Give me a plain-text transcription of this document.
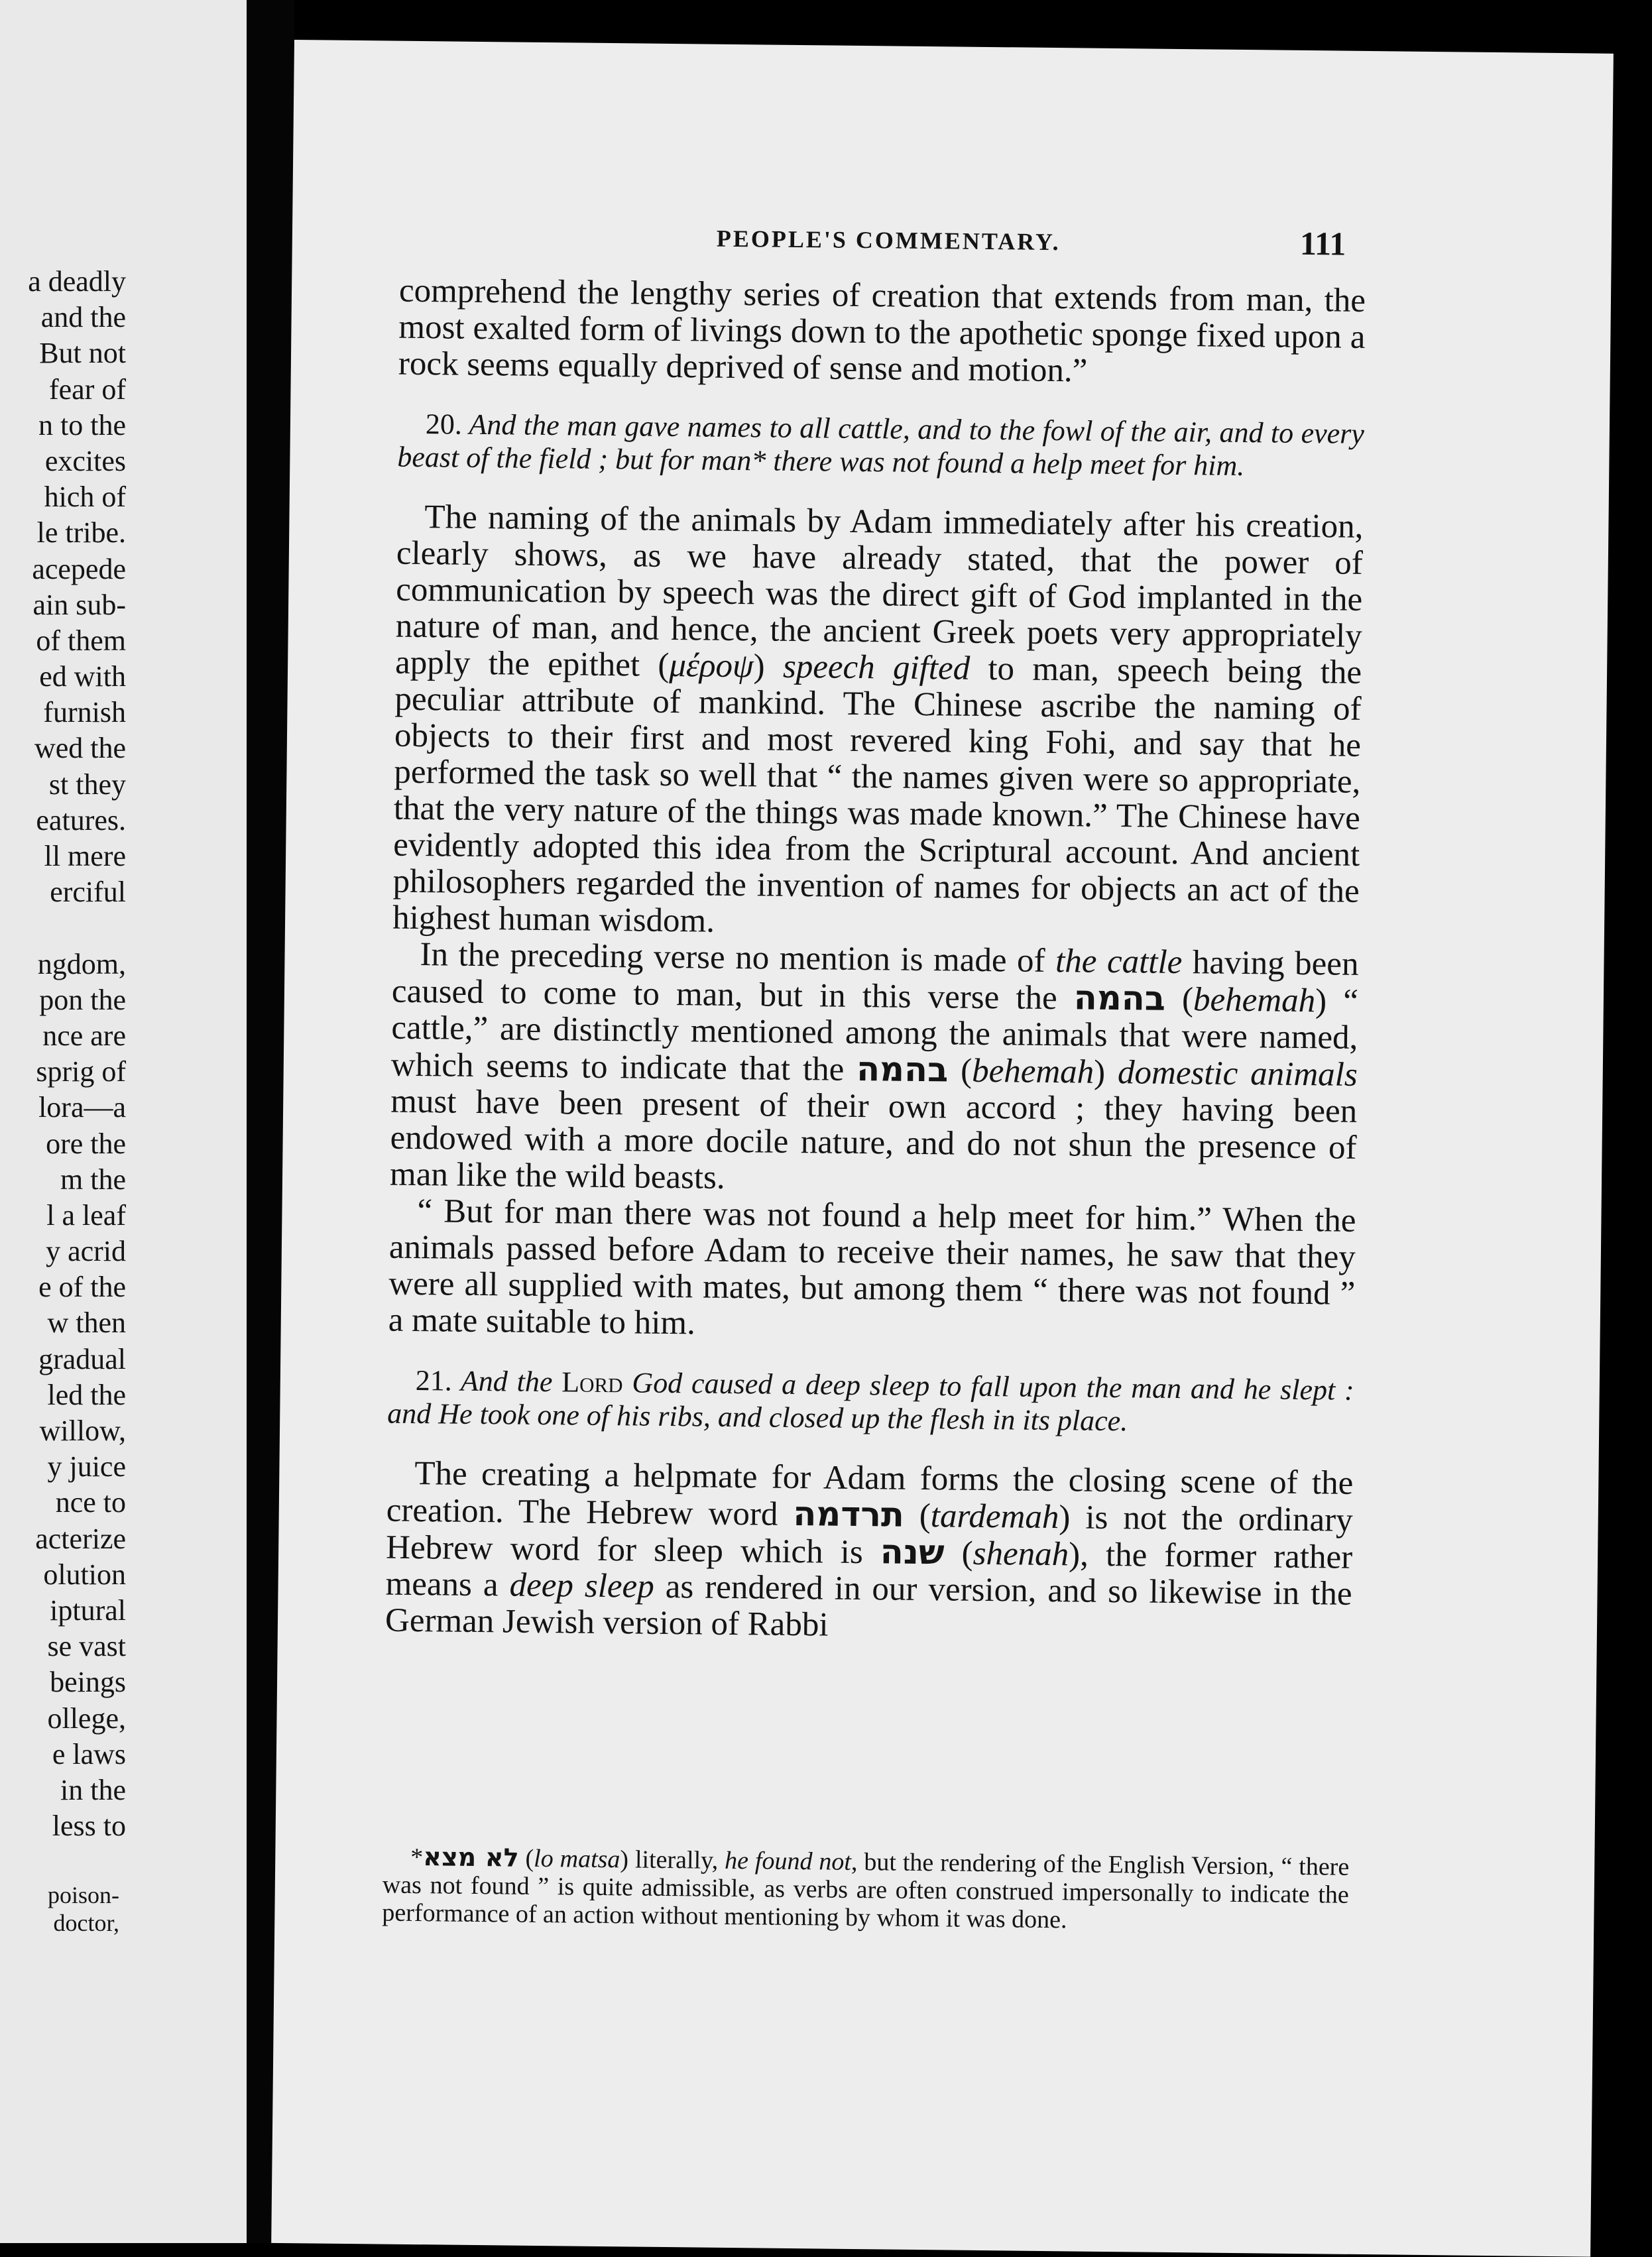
a deadly
and the
But not
fear of
n to the
excites
hich of
le tribe.
acepede
ain sub-
of them
ed with
furnish
wed the
st they
eatures.
ll mere
erciful
ngdom,
pon the
nce are
sprig of
lora—a
ore the
m the
l a leaf
y acrid
e of the
w then
gradual
led the
willow,
y juice
nce to
acterize
olution
iptural
se vast
beings
ollege,
e laws
in the
less to
poison-
doctor,
PEOPLE'S COMMENTARY.	111

comprehend the lengthy series of creation that extends from man, the most exalted form of livings down to the apothetic sponge fixed upon a rock seems equally deprived of sense and motion.”

20. And the man gave names to all cattle, and to the fowl of the air, and to every beast of the field ; but for man* there was not found a help meet for him.

The naming of the animals by Adam immediately after his creation, clearly shows, as we have already stated, that the power of communication by speech was the direct gift of God implanted in the nature of man, and hence, the ancient Greek poets very appropriately apply the epithet (μέροψ) speech gifted to man, speech being the peculiar attribute of mankind. The Chinese ascribe the naming of objects to their first and most revered king Fohi, and say that he performed the task so well that “ the names given were so appropriate, that the very nature of the things was made known.” The Chinese have evidently adopted this idea from the Scriptural account. And ancient philosophers regarded the invention of names for objects an act of the highest human wisdom.

In the preceding verse no mention is made of the cattle having been caused to come to man, but in this verse the בהמה (behemah) “ cattle,” are distinctly mentioned among the animals that were named, which seems to indicate that the בהמה (behemah) domestic animals must have been present of their own accord ; they having been endowed with a more docile nature, and do not shun the presence of man like the wild beasts.

“ But for man there was not found a help meet for him.” When the animals passed before Adam to receive their names, he saw that they were all supplied with mates, but among them “ there was not found ” a mate suitable to him.

21. And the Lord God caused a deep sleep to fall upon the man and he slept : and He took one of his ribs, and closed up the flesh in its place.

The creating a helpmate for Adam forms the closing scene of the creation. The Hebrew word תרדמה (tardemah) is not the ordinary Hebrew word for sleep which is שנה (shenah), the former rather means a deep sleep as rendered in our version, and so likewise in the German Jewish version of Rabbi

*לא מצא (lo matsa) literally, he found not, but the rendering of the English Version, “ there was not found ” is quite admissible, as verbs are often construed impersonally to indicate the performance of an action without mentioning by whom it was done.
